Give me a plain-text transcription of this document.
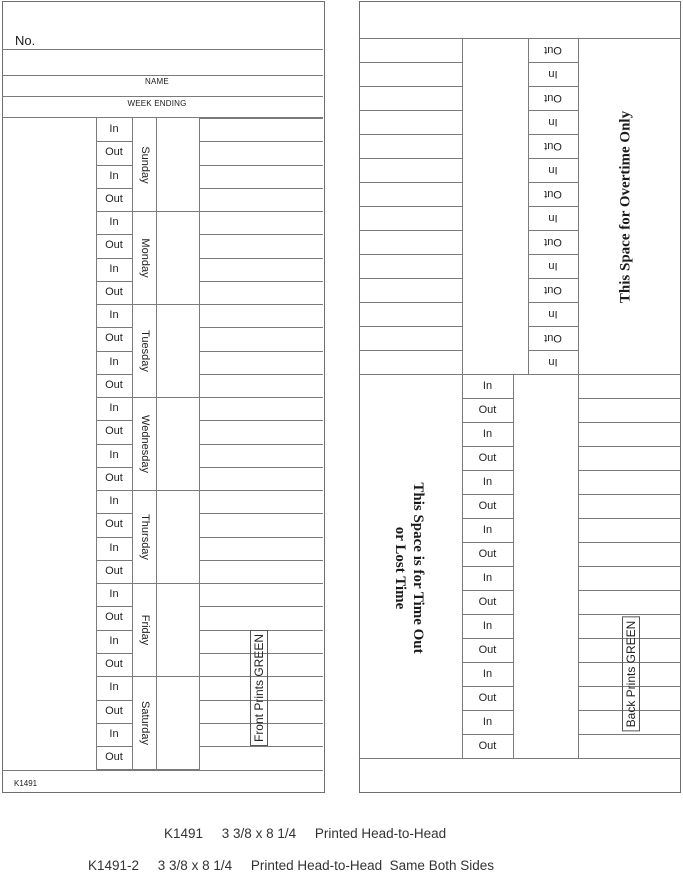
No.
NAME
WEEK ENDING
K1491
In
Out
In
Out
Sunday
In
Out
In
Out
Monday
In
Out
In
Out
Tuesday
In
Out
In
Out
Wednesday
In
Out
In
Out
Thursday
In
Out
In
Out
Friday
In
Out
In
Out
Saturday	Front Prints GREEN
Out
In
Out
In
Out
In
Out
In
Out
In
Out
In
Out
In
In
Out
In
Out
In
Out
In
Out
In
Out
In
Out
In
Out
In
Out
This Space for Overtime Only
This Space is for Time Out
or Lost Time
Back Prints GREEN
K1491     3 3/8 x 8 1/4     Printed Head-to-Head
K1491-2     3 3/8 x 8 1/4     Printed Head-to-Head  Same Both Sides
